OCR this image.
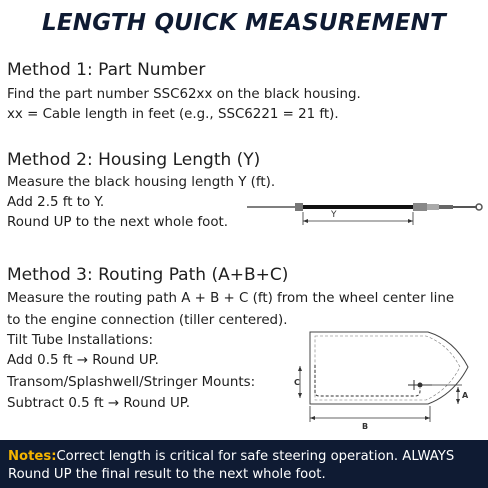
LENGTH QUICK MEASUREMENT
Method 1: Part Number
Find the part number SSC62xx on the black housing.
xx = Cable length in feet (e.g., SSC6221 = 21 ft).
Method 2: Housing Length (Y)
Measure the black housing length Y (ft).
Add 2.5 ft to Y.
Round UP to the next whole foot.	Y
Method 3: Routing Path (A+B+C)
Measure the routing path A + B + C (ft) from the wheel center line
to the engine connection (tiller centered).
Tilt Tube Installations:
Add 0.5 ft → Round UP.
Transom/Splashwell/Stringer Mounts:
Subtract 0.5 ft → Round UP.
C
A
B
Notes:Correct length is critical for safe steering operation. ALWAYS Round UP the final result to the next whole foot.
